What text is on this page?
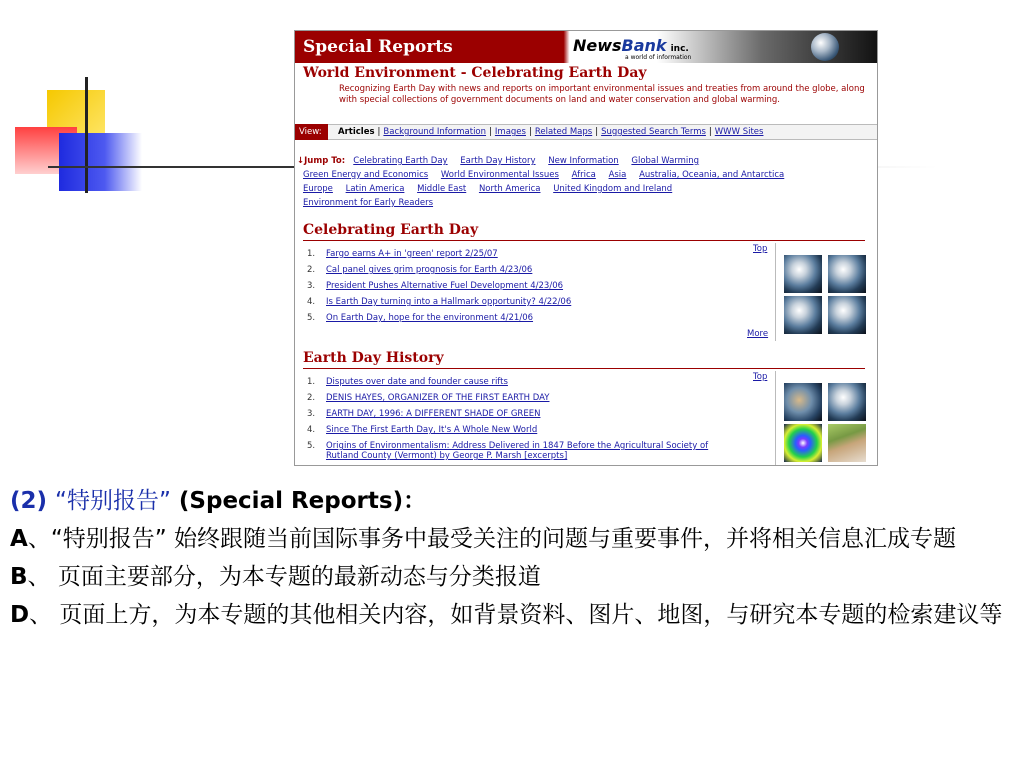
Special Reports	NewsBank inc.
a world of information
World Environment - Celebrating Earth Day
Recognizing Earth Day with news and reports on important environmental issues and treaties from around the globe, along with special collections of government documents on land and water conservation and global warming.
View:	Articles | Background Information | Images | Related Maps | Suggested Search Terms | WWW Sites
↓Jump To: Celebrating Earth Day Earth Day History New Information Global Warming
Green Energy and Economics World Environmental Issues Africa Asia Australia, Oceania, and Antarctica
Europe Latin America Middle East North America United Kingdom and Ireland
Environment for Early Readers
Celebrating Earth Day
Top
1. Fargo earns A+ in 'green' report 2/25/07
2. Cal panel gives grim prognosis for Earth 4/23/06
3. President Pushes Alternative Fuel Development 4/23/06
4. Is Earth Day turning into a Hallmark opportunity? 4/22/06
5. On Earth Day, hope for the environment 4/21/06
More
Earth Day History
Top
1. Disputes over date and founder cause rifts
2. DENIS HAYES, ORGANIZER OF THE FIRST EARTH DAY
3. EARTH DAY, 1996: A DIFFERENT SHADE OF GREEN
4. Since The First Earth Day, It's A Whole New World
5. Origins of Environmentalism: Address Delivered in 1847 Before the Agricultural Society of Rutland County (Vermont) by George P. Marsh [excerpts]
(2) “特别报告” (Special Reports)：
A、“特别报告” 始终跟随当前国际事务中最受关注的问题与重要事件，并将相关信息汇成专题
B、 页面主要部分，为本专题的最新动态与分类报道
D、 页面上方，为本专题的其他相关内容，如背景资料、图片、地图，与研究本专题的检索建议等
